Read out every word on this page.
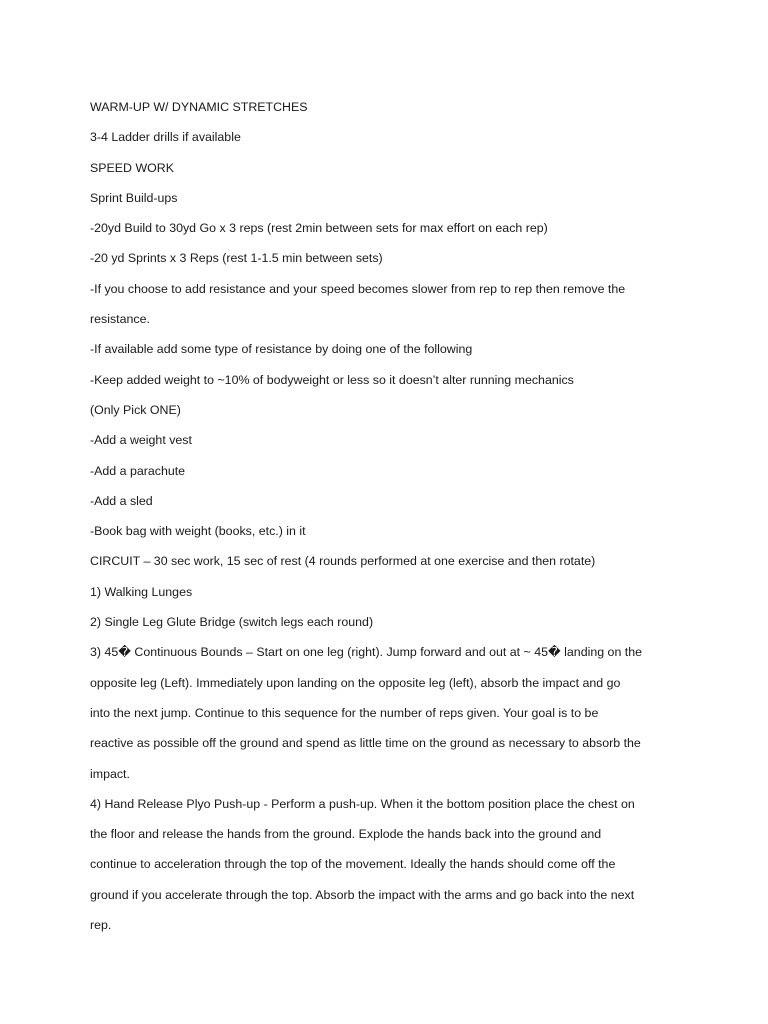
WARM-UP W/ DYNAMIC STRETCHES
3-4 Ladder drills if available
SPEED WORK
Sprint Build-ups
-20yd Build to 30yd Go x 3 reps (rest 2min between sets for max effort on each rep)
-20 yd Sprints x 3 Reps (rest 1-1.5 min between sets)
-If you choose to add resistance and your speed becomes slower from rep to rep then remove the
resistance.
-If available add some type of resistance by doing one of the following
-Keep added weight to ~10% of bodyweight or less so it doesn’t alter running mechanics
(Only Pick ONE)
-Add a weight vest
-Add a parachute
-Add a sled
-Book bag with weight (books, etc.) in it
CIRCUIT – 30 sec work, 15 sec of rest (4 rounds performed at one exercise and then rotate)
1) Walking Lunges
2) Single Leg Glute Bridge (switch legs each round)
3) 45� Continuous Bounds – Start on one leg (right). Jump forward and out at ~ 45� landing on the
opposite leg (Left). Immediately upon landing on the opposite leg (left), absorb the impact and go
into the next jump. Continue to this sequence for the number of reps given. Your goal is to be
reactive as possible off the ground and spend as little time on the ground as necessary to absorb the
impact.
4) Hand Release Plyo Push-up - Perform a push-up. When it the bottom position place the chest on
the floor and release the hands from the ground. Explode the hands back into the ground and
continue to acceleration through the top of the movement. Ideally the hands should come off the
ground if you accelerate through the top. Absorb the impact with the arms and go back into the next
rep.
